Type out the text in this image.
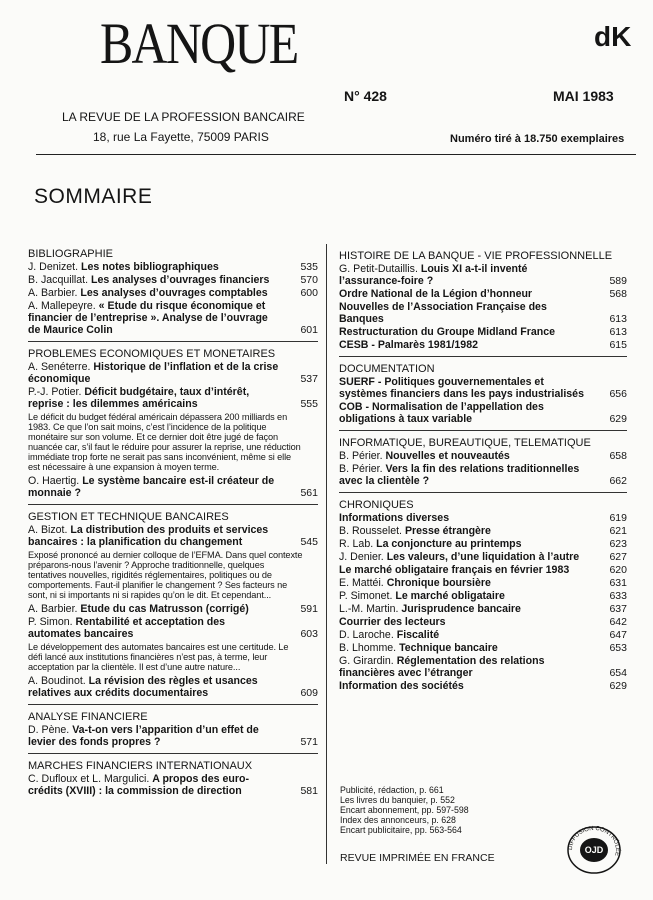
BANQUE	dK
LA REVUE DE LA PROFESSION BANCAIRE
18, rue La Fayette, 75009 PARIS
N° 428	MAI 1983
Numéro tiré à 18.750 exemplaires
SOMMAIRE
BIBLIOGRAPHIE
J. Denizet. Les notes bibliographiques	535
B. Jacquillat. Les analyses d’ouvrages financiers	570
A. Barbier. Les analyses d’ouvrages comptables	600
A. Mallepeyre. « Etude du risque économique et financier de l’entreprise ». Analyse de l’ouvrage de Maurice Colin	601
PROBLEMES ECONOMIQUES ET MONETAIRES
A. Senéterre. Historique de l’inflation et de la crise économique	537
P.-J. Potier. Déficit budgétaire, taux d’intérêt, reprise : les dilemmes américains	555
Le déficit du budget fédéral américain dépassera 200 milliards en 1983. Ce que l’on sait moins, c’est l’incidence de la politique monétaire sur son volume. Et ce dernier doit être jugé de façon nuancée car, s’il faut le réduire pour assurer la reprise, une réduction immédiate trop forte ne serait pas sans inconvénient, même si elle est nécessaire à une expansion à moyen terme.
O. Haertig. Le système bancaire est-il créateur de monnaie ?	561
GESTION ET TECHNIQUE BANCAIRES
A. Bizot. La distribution des produits et services bancaires : la planification du changement	545
Exposé prononcé au dernier colloque de l’EFMA. Dans quel contexte préparons-nous l’avenir ? Approche traditionnelle, quelques tentatives nouvelles, rigidités réglementaires, politiques ou de comportements. Faut-il planifier le changement ? Ses facteurs ne sont, ni si importants ni si rapides qu’on le dit. Et cependant...
A. Barbier. Etude du cas Matrusson (corrigé)	591
P. Simon. Rentabilité et acceptation des automates bancaires	603
Le développement des automates bancaires est une certitude. Le défi lancé aux institutions financières n’est pas, à terme, leur acceptation par la clientèle. Il est d’une autre nature...
A. Boudinot. La révision des règles et usances relatives aux crédits documentaires	609
ANALYSE FINANCIERE
D. Pène. Va-t-on vers l’apparition d’un effet de levier des fonds propres ?	571
MARCHES FINANCIERS INTERNATIONAUX
C. Dufloux et L. Margulici. A propos des euro-crédits (XVIII) : la commission de direction	581
HISTOIRE DE LA BANQUE - VIE PROFESSIONNELLE
G. Petit-Dutaillis. Louis XI a-t-il inventé l’assurance-foire ?	589
Ordre National de la Légion d’honneur	568
Nouvelles de l’Association Française des Banques	613
Restructuration du Groupe Midland France	613
CESB - Palmarès 1981/1982	615
DOCUMENTATION
SUERF - Politiques gouvernementales et systèmes financiers dans les pays industrialisés	656
COB - Normalisation de l’appellation des obligations à taux variable	629
INFORMATIQUE, BUREAUTIQUE, TELEMATIQUE
B. Périer. Nouvelles et nouveautés	658
B. Périer. Vers la fin des relations traditionnelles avec la clientèle ?	662
CHRONIQUES
Informations diverses	619
B. Rousselet. Presse étrangère	621
R. Lab. La conjoncture au printemps	623
J. Denier. Les valeurs, d’une liquidation à l’autre	627
Le marché obligataire français en février 1983	620
E. Mattéi. Chronique boursière	631
P. Simonet. Le marché obligataire	633
L.-M. Martin. Jurisprudence bancaire	637
Courrier des lecteurs	642
D. Laroche. Fiscalité	647
B. Lhomme. Technique bancaire	653
G. Girardin. Réglementation des relations financières avec l’étranger	654
Information des sociétés	629
Publicité, rédaction, p. 661
Les livres du banquier, p. 552
Encart abonnement, pp. 597-598
Index des annonceurs, p. 628
Encart publicitaire, pp. 563-564
REVUE IMPRIMÉE EN FRANCE
DIFFUSION CONTRÔLÉE
OJD
